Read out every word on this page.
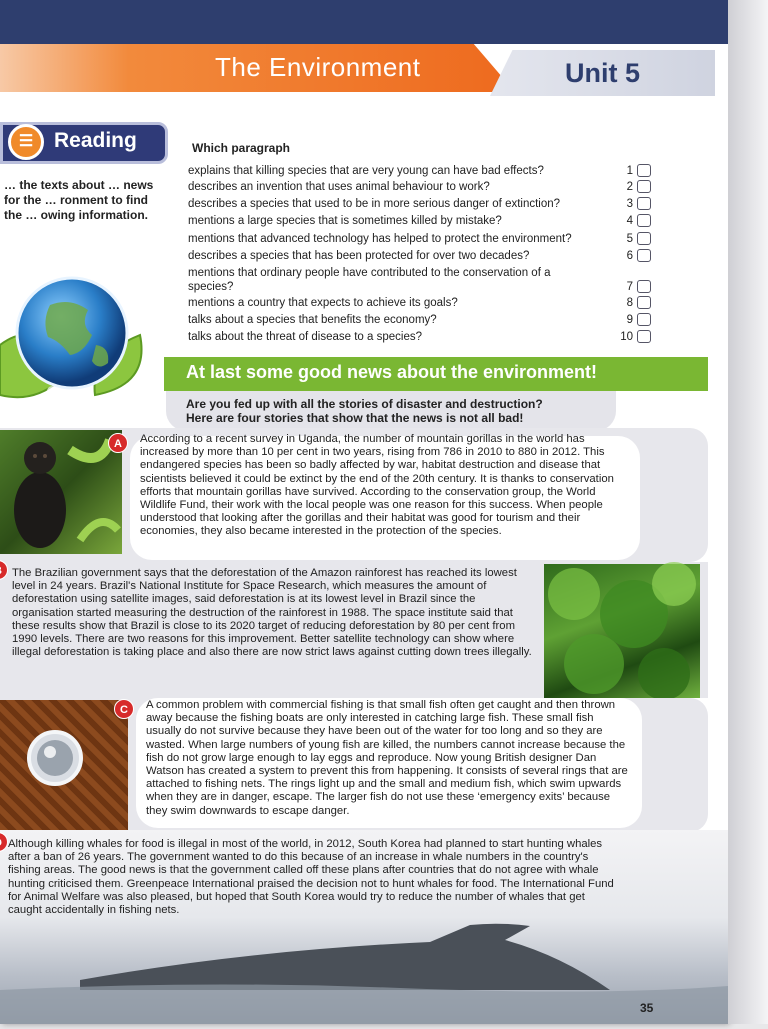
The Environment	Unit 5
☰ Reading
… the texts about … news for the … ronment to find the … owing information.
Which paragraph
explains that killing species that are very young can have bad effects?	1
describes an invention that uses animal behaviour to work?	2
describes a species that used to be in more serious danger of extinction?	3
mentions a large species that is sometimes killed by mistake?	4
mentions that advanced technology has helped to protect the environment?	5
describes a species that has been protected for over two decades?	6
mentions that ordinary people have contributed to the conservation of a species?	7
mentions a country that expects to achieve its goals?	8
talks about a species that benefits the economy?	9
talks about the threat of disease to a species?	10
At last some good news about the environment!
Are you fed up with all the stories of disaster and destruction?
Here are four stories that show that the news is not all bad!
A	According to a recent survey in Uganda, the number of mountain gorillas in the world has increased by more than 10 per cent in two years, rising from 786 in 2010 to 880 in 2012. This endangered species has been so badly affected by war, habitat destruction and disease that scientists believed it could be extinct by the end of the 20th century. It is thanks to conservation efforts that mountain gorillas have survived. According to the conservation group, the World Wildlife Fund, their work with the local people was one reason for this success. When people understood that looking after the gorillas and their habitat was good for tourism and their economies, they also became interested in the protection of the species.
The Brazilian government says that the deforestation of the Amazon rainforest has reached its lowest level in 24 years. Brazil's National Institute for Space Research, which measures the amount of deforestation using satellite images, said deforestation is at its lowest level in Brazil since the organisation started measuring the destruction of the rainforest in 1988. The space institute said that these results show that Brazil is close to its 2020 target of reducing deforestation by 80 per cent from 1990 levels. There are two reasons for this improvement. Better satellite technology can show where illegal deforestation is taking place and also there are now strict laws against cutting down trees illegally.
C	A common problem with commercial fishing is that small fish often get caught and then thrown away because the fishing boats are only interested in catching large fish. These small fish usually do not survive because they have been out of the water for too long and so they are wasted. When large numbers of young fish are killed, the numbers cannot increase because the fish do not grow large enough to lay eggs and reproduce. Now young British designer Dan Watson has created a system to prevent this from happening. It consists of several rings that are attached to fishing nets. The rings light up and the small and medium fish, which swim upwards when they are in danger, escape. The larger fish do not use these ‘emergency exits’ because they swim downwards to escape danger.
Although killing whales for food is illegal in most of the world, in 2012, South Korea had planned to start hunting whales after a ban of 26 years. The government wanted to do this because of an increase in whale numbers in the country's fishing areas. The good news is that the government called off these plans after countries that do not agree with whale hunting criticised them. Greenpeace International praised the decision not to hunt whales for food. The International Fund for Animal Welfare was also pleased, but hoped that South Korea would try to reduce the number of whales that get caught accidentally in fishing nets.
35
